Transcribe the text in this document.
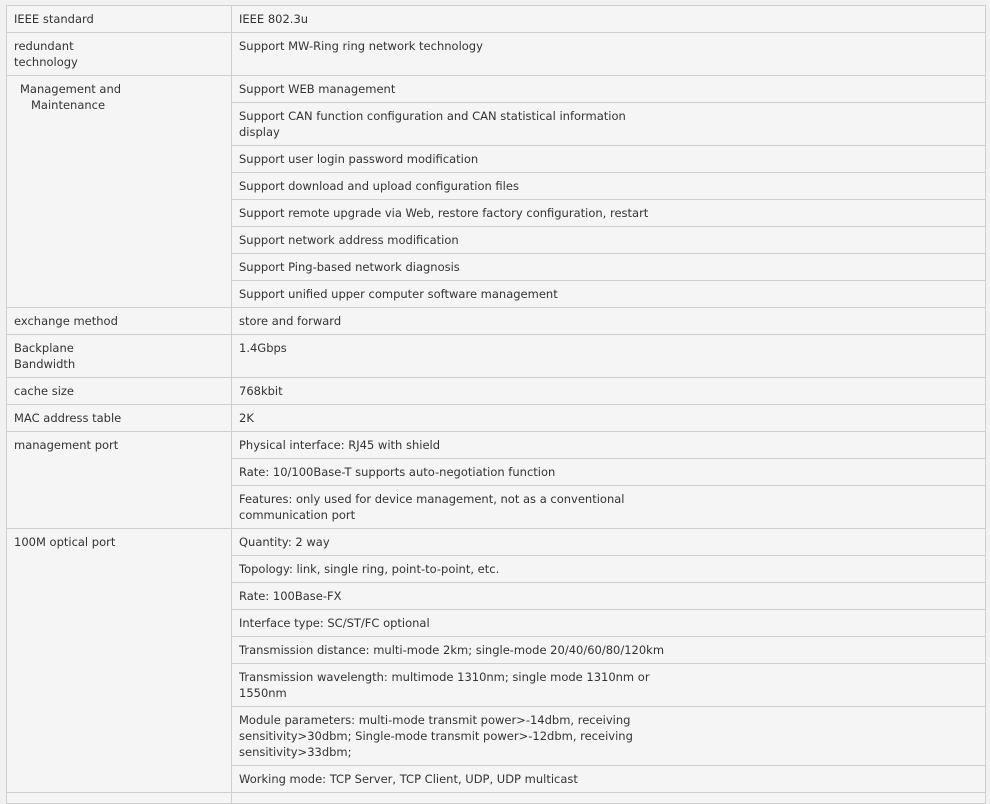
IEEE standard	IEEE 802.3u

redundant
technology	Support MW-Ring ring network technology

Management and
Maintenance	Support WEB management

	Support CAN function configuration and CAN statistical information
display

	Support user login password modification

	Support download and upload configuration files

	Support remote upgrade via Web, restore factory configuration, restart

	Support network address modification

	Support Ping-based network diagnosis

	Support unified upper computer software management

exchange method	store and forward

Backplane
Bandwidth	1.4Gbps

cache size	768kbit

MAC address table	2K

management port	Physical interface: RJ45 with shield

	Rate: 10/100Base-T supports auto-negotiation function

	Features: only used for device management, not as a conventional
communication port

100M optical port	Quantity: 2 way

	Topology: link, single ring, point-to-point, etc.

	Rate: 100Base-FX

	Interface type: SC/ST/FC optional

	Transmission distance: multi-mode 2km; single-mode 20/40/60/80/120km

	Transmission wavelength: multimode 1310nm; single mode 1310nm or
1550nm

	Module parameters: multi-mode transmit power>-14dbm, receiving
sensitivity>30dbm; Single-mode transmit power>-12dbm, receiving
sensitivity>33dbm;

	Working mode: TCP Server, TCP Client, UDP, UDP multicast
